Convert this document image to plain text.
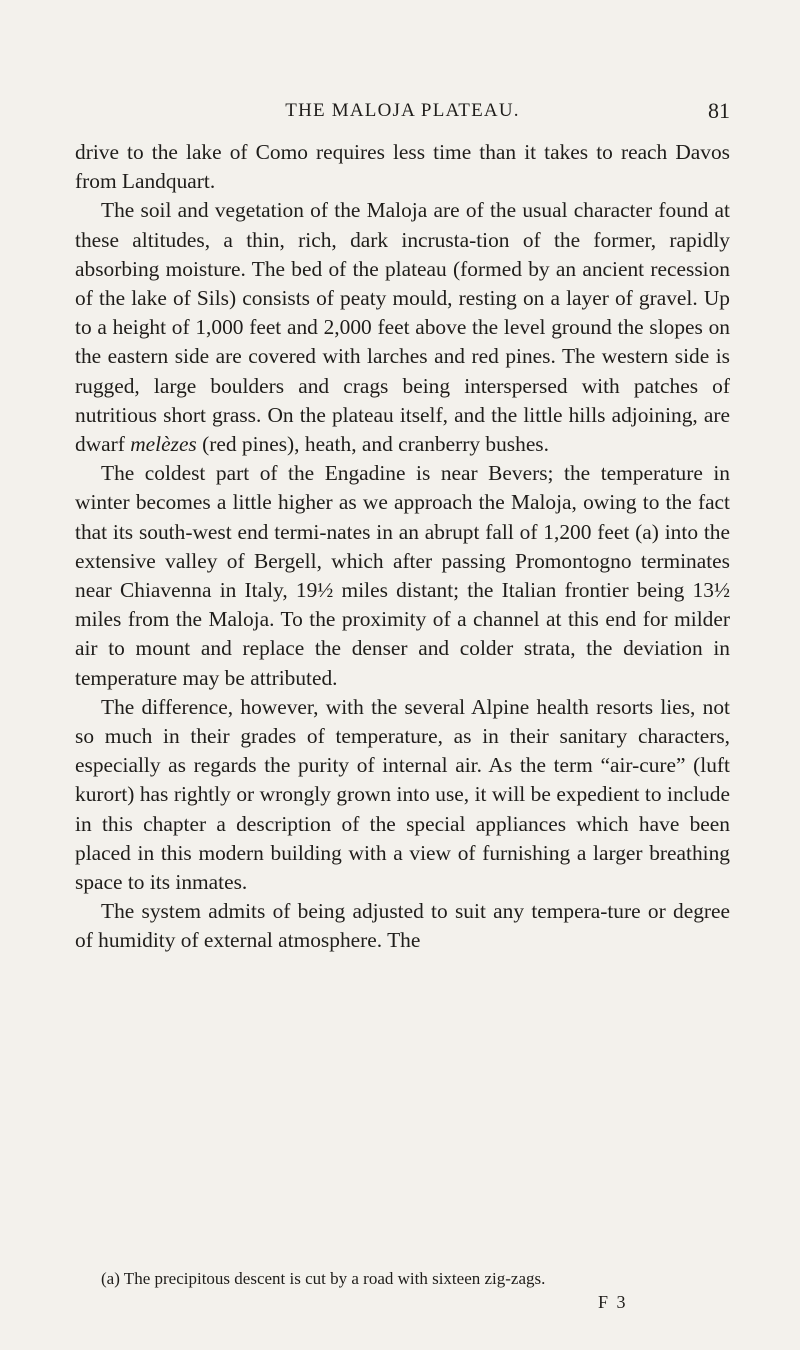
THE MALOJA PLATEAU.	81

drive to the lake of Como requires less time than it takes to reach Davos from Landquart.

The soil and vegetation of the Maloja are of the usual character found at these altitudes, a thin, rich, dark incrusta-tion of the former, rapidly absorbing moisture. The bed of the plateau (formed by an ancient recession of the lake of Sils) consists of peaty mould, resting on a layer of gravel. Up to a height of 1,000 feet and 2,000 feet above the level ground the slopes on the eastern side are covered with larches and red pines. The western side is rugged, large boulders and crags being interspersed with patches of nutritious short grass. On the plateau itself, and the little hills adjoining, are dwarf melèzes (red pines), heath, and cranberry bushes.

The coldest part of the Engadine is near Bevers; the temperature in winter becomes a little higher as we approach the Maloja, owing to the fact that its south-west end termi-nates in an abrupt fall of 1,200 feet (a) into the extensive valley of Bergell, which after passing Promontogno terminates near Chiavenna in Italy, 19½ miles distant; the Italian frontier being 13½ miles from the Maloja. To the proximity of a channel at this end for milder air to mount and replace the denser and colder strata, the deviation in temperature may be attributed.

The difference, however, with the several Alpine health resorts lies, not so much in their grades of temperature, as in their sanitary characters, especially as regards the purity of internal air. As the term “air-cure” (luft kurort) has rightly or wrongly grown into use, it will be expedient to include in this chapter a description of the special appliances which have been placed in this modern building with a view of furnishing a larger breathing space to its inmates.

The system admits of being adjusted to suit any tempera-ture or degree of humidity of external atmosphere. The

(a) The precipitous descent is cut by a road with sixteen zig-zags.
F 3
